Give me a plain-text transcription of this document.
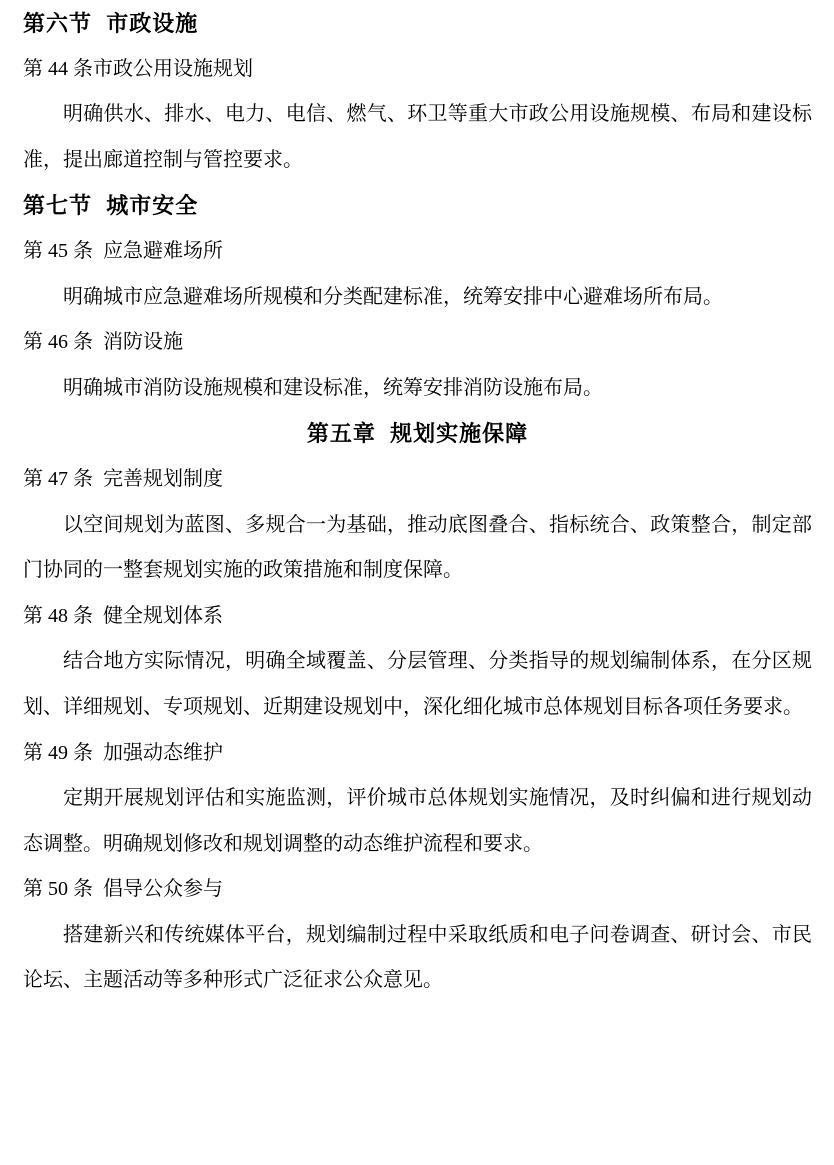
第六节  市政设施
第 44 条市政公用设施规划
明确供水、排水、电力、电信、燃气、环卫等重大市政公用设施规模、布局和建设标准，提出廊道控制与管控要求。
第七节  城市安全
第 45 条  应急避难场所
明确城市应急避难场所规模和分类配建标准，统筹安排中心避难场所布局。
第 46 条  消防设施
明确城市消防设施规模和建设标准，统筹安排消防设施布局。
第五章  规划实施保障
第 47 条  完善规划制度
以空间规划为蓝图、多规合一为基础，推动底图叠合、指标统合、政策整合，制定部门协同的一整套规划实施的政策措施和制度保障。
第 48 条  健全规划体系
结合地方实际情况，明确全域覆盖、分层管理、分类指导的规划编制体系，在分区规划、详细规划、专项规划、近期建设规划中，深化细化城市总体规划目标各项任务要求。
第 49 条  加强动态维护
定期开展规划评估和实施监测，评价城市总体规划实施情况，及时纠偏和进行规划动态调整。明确规划修改和规划调整的动态维护流程和要求。
第 50 条  倡导公众参与
搭建新兴和传统媒体平台，规划编制过程中采取纸质和电子问卷调查、研讨会、市民论坛、主题活动等多种形式广泛征求公众意见。
